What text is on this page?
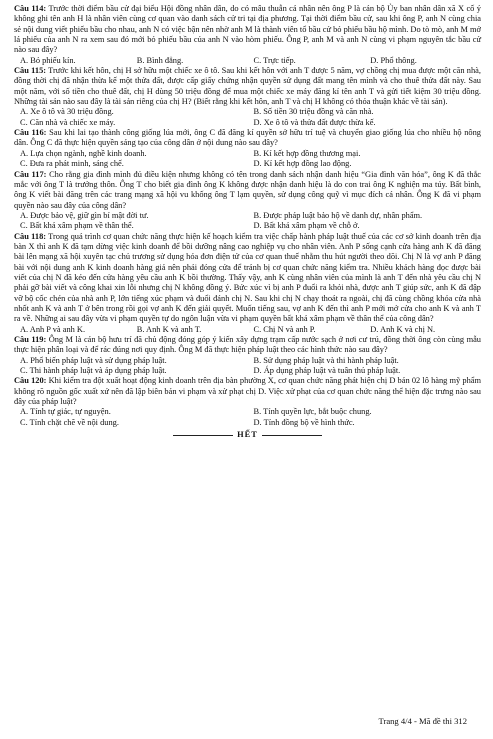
Câu 114: Trước thời điểm bầu cử đại biểu Hội đồng nhân dân, do có mâu thuẫn cá nhân nên ông P là cán bộ Ủy ban nhân dân xã X cố ý không ghi tên anh H là nhân viên cùng cơ quan vào danh sách cử tri tại địa phương. Tại thời điểm bầu cử, sau khi ông P, anh N cùng chia sẻ nội dung viết phiếu bầu cho nhau, anh N có việc bận nên nhờ anh M là thành viên tổ bầu cử bỏ phiếu bầu hộ mình. Do tò mò, anh M mở lá phiếu của anh N ra xem sau đó mới bỏ phiếu bầu của anh N vào hòm phiếu. Ông P, anh M và anh N cùng vi phạm nguyên tắc bầu cử nào sau đây?

A. Bỏ phiếu kín.	B. Bình đẳng.	C. Trực tiếp.	D. Phổ thông.

Câu 115: Trước khi kết hôn, chị H sở hữu một chiếc xe ô tô. Sau khi kết hôn với anh T được 5 năm, vợ chồng chị mua được một căn nhà, đồng thời chị đã nhận thừa kế một thửa đất, được cấp giấy chứng nhận quyền sử dụng đất mang tên mình và cho thuê thửa đất này. Sau một năm, với số tiền cho thuê đất, chị H dùng 50 triệu đồng để mua một chiếc xe máy đăng kí tên anh T và gửi tiết kiệm 30 triệu đồng. Những tài sản nào sau đây là tài sản riêng của chị H? (Biết rằng khi kết hôn, anh T và chị H không có thỏa thuận khác về tài sản).

A. Xe ô tô và 30 triệu đồng.	B. Số tiền 30 triệu đồng và căn nhà.
C. Căn nhà và chiếc xe máy.	D. Xe ô tô và thửa đất được thừa kế.

Câu 116: Sau khi lai tạo thành công giống lúa mới, ông C đã đăng kí quyền sở hữu trí tuệ và chuyển giao giống lúa cho nhiều hộ nông dân. Ông C đã thực hiện quyền sáng tạo của công dân ở nội dung nào sau đây?

A. Lựa chọn ngành, nghề kinh doanh.	B. Kí kết hợp đồng thương mại.
C. Đưa ra phát minh, sáng chế.	D. Kí kết hợp đồng lao động.

Câu 117: Cho rằng gia đình mình đủ điều kiện nhưng không có tên trong danh sách nhận danh hiệu “Gia đình văn hóa”, ông K đã thắc mắc với ông T là trưởng thôn. Ông T cho biết gia đình ông K không được nhận danh hiệu là do con trai ông K nghiện ma túy. Bất bình, ông K viết bài đăng trên các trang mạng xã hội vu khống ông T lạm quyền, sử dụng công quỹ vì mục đích cá nhân. Ông K đã vi phạm quyền nào sau đây của công dân?

A. Được bảo vệ, giữ gìn bí mật đời tư.	B. Được pháp luật bảo hộ về danh dự, nhân phẩm.
C. Bất khả xâm phạm về thân thể.	D. Bất khả xâm phạm về chỗ ở.

Câu 118: Trong quá trình cơ quan chức năng thực hiện kế hoạch kiểm tra việc chấp hành pháp luật thuế của các cơ sở kinh doanh trên địa bàn X thì anh K đã tạm dừng việc kinh doanh để bồi dưỡng nâng cao nghiệp vụ cho nhân viên. Anh P sống cạnh cửa hàng anh K đã đăng bài lên mạng xã hội xuyên tạc chủ trương sử dụng hóa đơn điện tử của cơ quan thuế nhằm thu hút người theo dõi. Chị N là vợ anh P đăng bài với nội dung anh K kinh doanh hàng giả nên phải đóng cửa để tránh bị cơ quan chức năng kiểm tra. Nhiều khách hàng đọc được bài viết của chị N đã kéo đến cửa hàng yêu cầu anh K bồi thường. Thấy vậy, anh K cùng nhân viên của mình là anh T đến nhà yêu cầu chị N phải gỡ bài viết và công khai xin lỗi nhưng chị N không đồng ý. Bức xúc vì bị anh P đuổi ra khỏi nhà, được anh T giúp sức, anh K đã đập vỡ bộ cốc chén của nhà anh P, lớn tiếng xúc phạm và đuổi đánh chị N. Sau khi chị N chạy thoát ra ngoài, chị đã cùng chồng khóa cửa nhà nhốt anh K và anh T ở bên trong rồi gọi vợ anh K đến giải quyết. Muốn tiếng sau, vợ anh K đến thì anh P mới mở cửa cho anh K và anh T ra về. Những ai sau đây vừa vi phạm quyền tự do ngôn luận vừa vi phạm quyền bất khả xâm phạm về thân thể của công dân?

A. Anh P và anh K.	B. Anh K và anh T.	C. Chị N và anh P.	D. Anh K và chị N.

Câu 119: Ông M là cán bộ hưu trí đã chủ động đóng góp ý kiến xây dựng trạm cấp nước sạch ở nơi cư trú, đồng thời ông còn cùng mẫu thực hiện phân loại và để rác đúng nơi quy định. Ông M đã thực hiện pháp luật theo các hình thức nào sau đây?

A. Phổ biến pháp luật và sử dụng pháp luật.	B. Sử dụng pháp luật và thi hành pháp luật.
C. Thi hành pháp luật và áp dụng pháp luật.	D. Áp dụng pháp luật và tuân thủ pháp luật.

Câu 120: Khi kiểm tra đột xuất hoạt động kinh doanh trên địa bàn phường X, cơ quan chức năng phát hiện chị D bán 02 lô hàng mỹ phẩm không rõ nguồn gốc xuất xứ nên đã lập biên bản vi phạm và xử phạt chị D. Việc xử phạt của cơ quan chức năng thể hiện đặc trưng nào sau đây của pháp luật?

A. Tính tự giác, tự nguyện.	B. Tính quyền lực, bắt buộc chung.
C. Tính chặt chẽ về nội dung.	D. Tính đồng bộ về hình thức.
HẾT
Trang 4/4 - Mã đề thi 312
